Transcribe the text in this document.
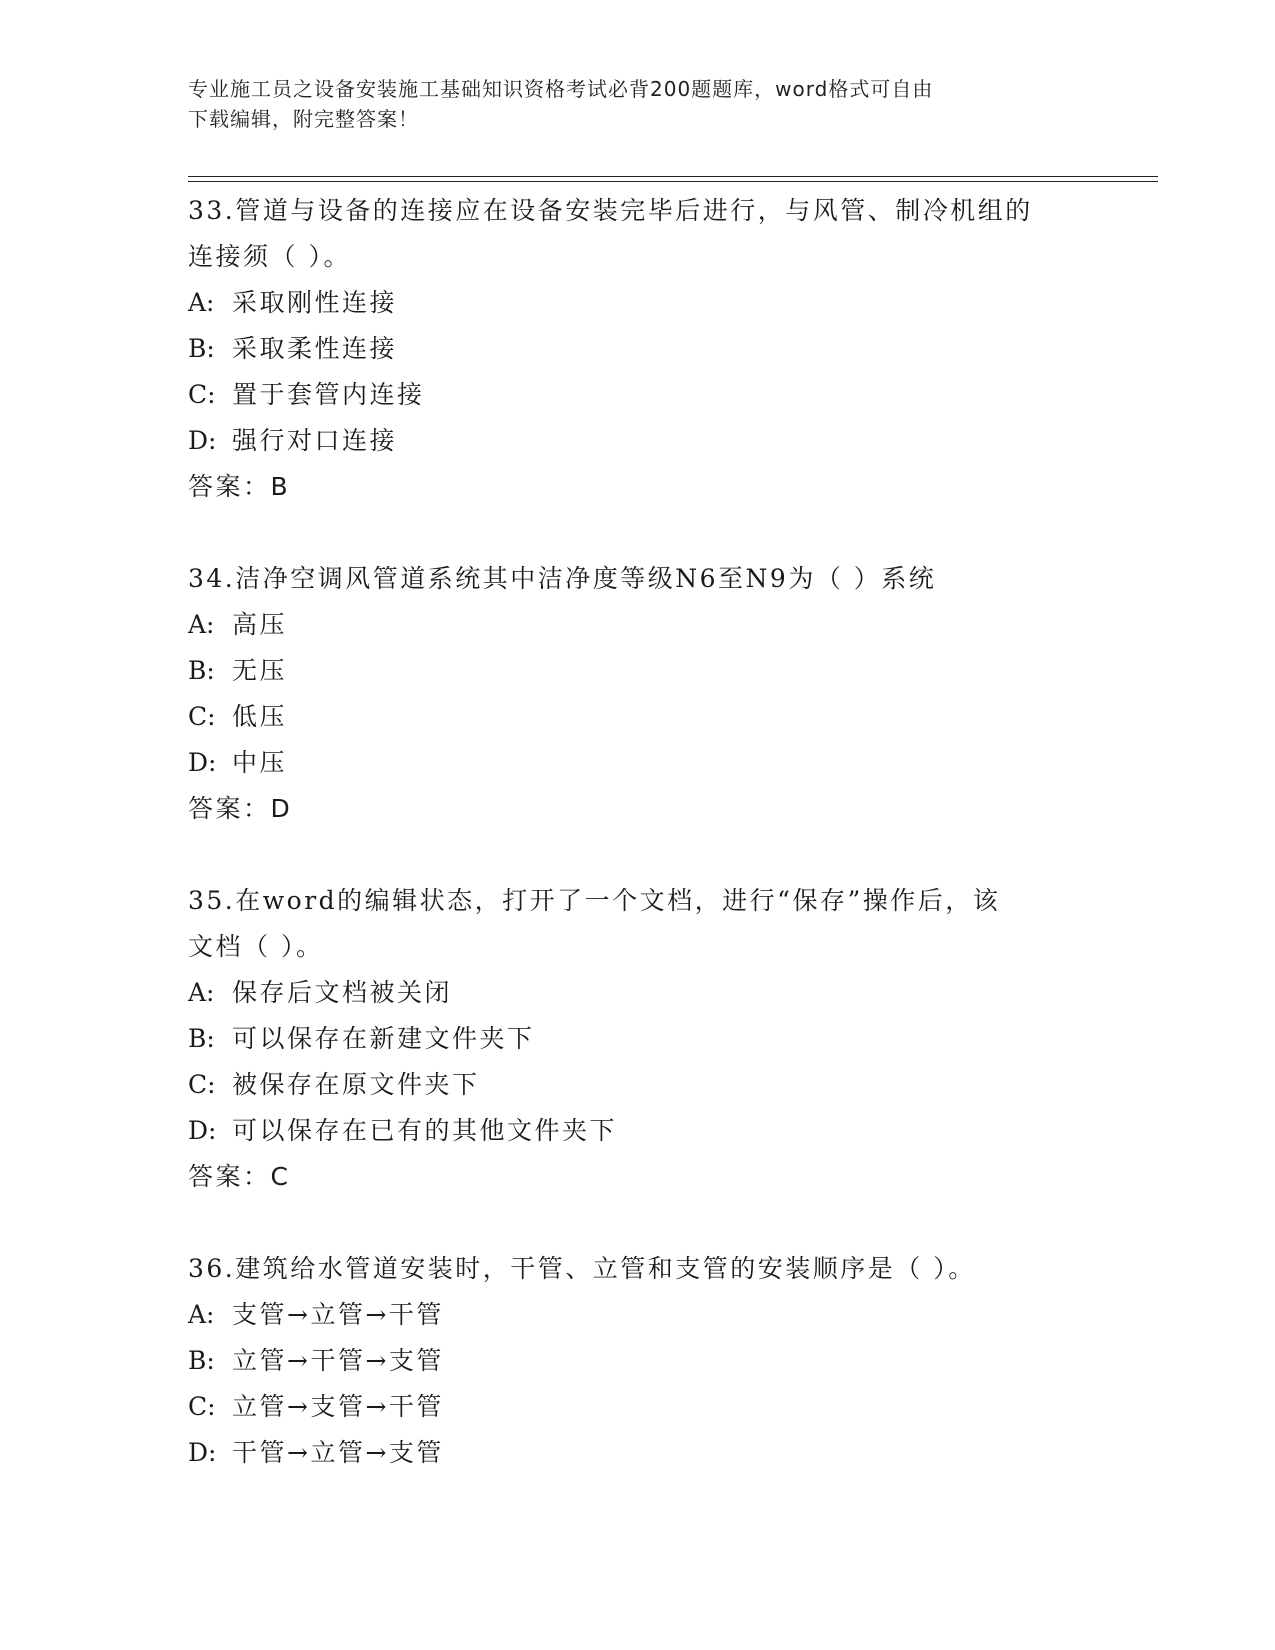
专业施工员之设备安装施工基础知识资格考试必背200题题库，word格式可自由
下载编辑，附完整答案！

33.管道与设备的连接应在设备安装完毕后进行，与风管、制冷机组的

连接须（ ）。

A: 采取刚性连接

B: 采取柔性连接

C: 置于套管内连接

D: 强行对口连接

答案：B

34.洁净空调风管道系统其中洁净度等级N6至N9为（ ）系统

A: 高压

B: 无压

C: 低压

D: 中压

答案：D

35.在word的编辑状态，打开了一个文档，进行“保存”操作后，该

文档（ ）。

A: 保存后文档被关闭

B: 可以保存在新建文件夹下

C: 被保存在原文件夹下

D: 可以保存在已有的其他文件夹下

答案：C

36.建筑给水管道安装时，干管、立管和支管的安装顺序是（ ）。

A: 支管→立管→干管

B: 立管→干管→支管

C: 立管→支管→干管

D: 干管→立管→支管
